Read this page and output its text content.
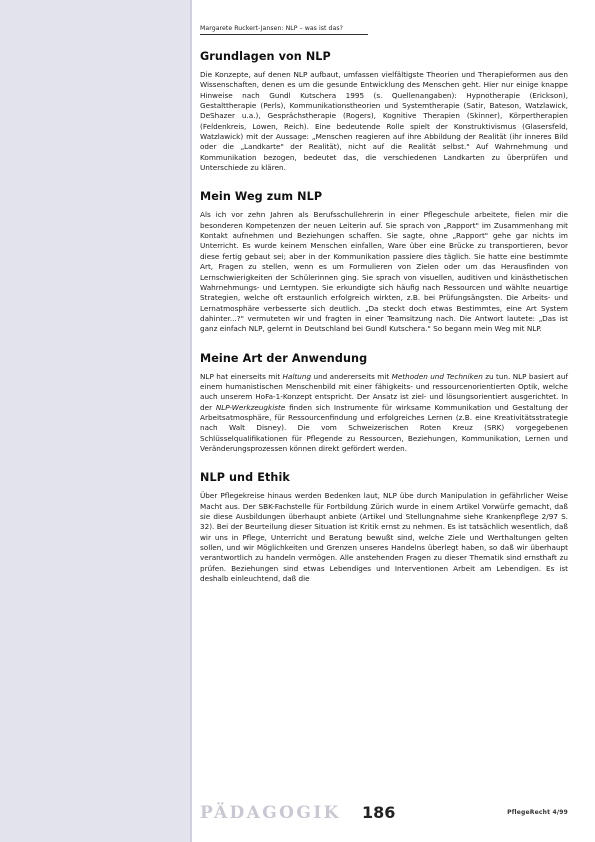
Margarete Ruckert-Jansen: NLP – was ist das?
Grundlagen von NLP

Die Konzepte, auf denen NLP aufbaut, umfassen vielfältigste Theorien und Therapieformen aus den Wissenschaften, denen es um die gesunde Entwicklung des Menschen geht. Hier nur einige knappe Hinweise nach Gundl Kutschera 1995 (s. Quellenangaben): Hypnotherapie (Erickson), Gestalttherapie (Perls), Kommunikationstheorien und Systemtherapie (Satir, Bateson, Watzlawick, DeShazer u.a.), Gesprächstherapie (Rogers), Kognitive Therapien (Skinner), Körpertherapien (Feldenkreis, Lowen, Reich). Eine bedeutende Rolle spielt der Konstruktivismus (Glasersfeld, Watzlawick) mit der Aussage: „Menschen reagieren auf ihre Abbildung der Realität (ihr inneres Bild oder die „Landkarte" der Realität), nicht auf die Realität selbst." Auf Wahrnehmung und Kommunikation bezogen, bedeutet das, die verschiedenen Landkarten zu überprüfen und Unterschiede zu klären.

Mein Weg zum NLP

Als ich vor zehn Jahren als Berufsschullehrerin in einer Pflegeschule arbeitete, fielen mir die besonderen Kompetenzen der neuen Leiterin auf. Sie sprach von „Rapport" im Zusammenhang mit Kontakt aufnehmen und Beziehungen schaffen. Sie sagte, ohne „Rapport" gehe gar nichts im Unterricht. Es wurde keinem Menschen einfallen, Ware über eine Brücke zu transportieren, bevor diese fertig gebaut sei; aber in der Kommunikation passiere dies täglich. Sie hatte eine bestimmte Art, Fragen zu stellen, wenn es um Formulieren von Zielen oder um das Herausfinden von Lernschwierigkeiten der Schülerinnen ging. Sie sprach von visuellen, auditiven und kinästhetischen Wahrnehmungs- und Lerntypen. Sie erkundigte sich häufig nach Ressourcen und wählte neuartige Strategien, welche oft erstaunlich erfolgreich wirkten, z.B. bei Prüfungsängsten. Die Arbeits- und Lernatmosphäre verbesserte sich deutlich. „Da steckt doch etwas Bestimmtes, eine Art System dahinter...?" vermuteten wir und fragten in einer Teamsitzung nach. Die Antwort lautete: „Das ist ganz einfach NLP, gelernt in Deutschland bei Gundl Kutschera." So begann mein Weg mit NLP.

Meine Art der Anwendung

NLP hat einerseits mit Haltung und andererseits mit Methoden und Techniken zu tun. NLP basiert auf einem humanistischen Menschenbild mit einer fähigkeits- und ressourcenorientierten Optik, welche auch unserem HoFa-1-Konzept entspricht. Der Ansatz ist ziel- und lösungsorientiert ausgerichtet. In der NLP-Werkzeugkiste finden sich Instrumente für wirksame Kommunikation und Gestaltung der Arbeitsatmosphäre, für Ressourcenfindung und erfolgreiches Lernen (z.B. eine Kreativitätsstrategie nach Walt Disney). Die vom Schweizerischen Roten Kreuz (SRK) vorgegebenen Schlüsselqualifikationen für Pflegende zu Ressourcen, Beziehungen, Kommunikation, Lernen und Veränderungsprozessen können direkt gefördert werden.

NLP und Ethik

Über Pflegekreise hinaus werden Bedenken laut, NLP übe durch Manipulation in gefährlicher Weise Macht aus. Der SBK-Fachstelle für Fortbildung Zürich wurde in einem Artikel Vorwürfe gemacht, daß sie diese Ausbildungen überhaupt anbiete (Artikel und Stellungnahme siehe Krankenpflege 2/97 S. 32). Bei der Beurteilung dieser Situation ist Kritik ernst zu nehmen. Es ist tatsächlich wesentlich, daß wir uns in Pflege, Unterricht und Beratung bewußt sind, welche Ziele und Werthaltungen gelten sollen, und wir Möglichkeiten und Grenzen unseres Handelns überlegt haben, so daß wir überhaupt verantwortlich zu handeln vermögen. Alle anstehenden Fragen zu dieser Thematik sind ernsthaft zu prüfen. Beziehungen sind etwas Lebendiges und Interventionen Arbeit am Lebendigen. Es ist deshalb einleuchtend, daß die

PÄDAGOGIK 186	PflegeRecht 4/99
